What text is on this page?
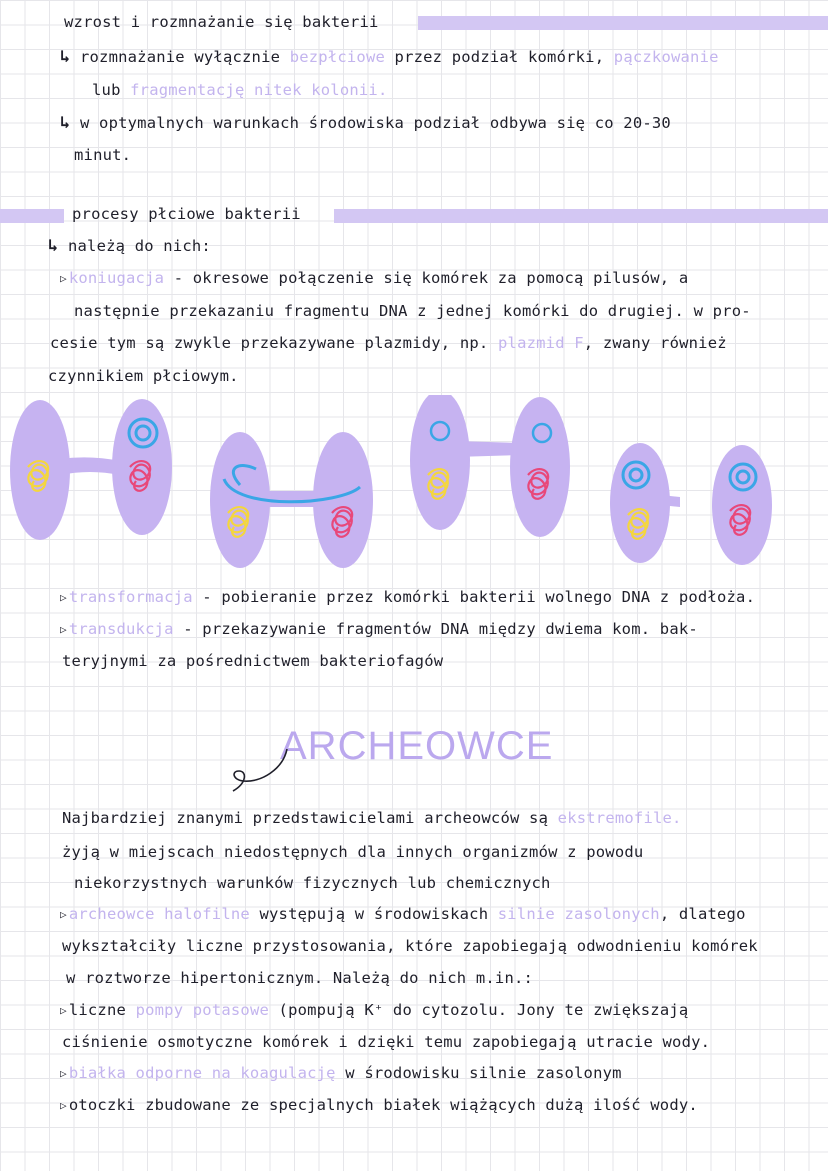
wzrost i rozmnażanie się bakterii
↳ rozmnażanie wyłącznie bezpłciowe przez podział komórki, pączkowanie
lub fragmentację nitek kolonii.
↳ w optymalnych warunkach środowiska podział odbywa się co 20-30
minut.
procesy płciowe bakterii
↳ należą do nich:
▷ koniugacja - okresowe połączenie się komórek za pomocą pilusów, a
następnie przekazaniu fragmentu DNA z jednej komórki do drugiej. w pro-
cesie tym są zwykle przekazywane plazmidy, np. plazmid F, zwany również
czynnikiem płciowym.
▷ transformacja - pobieranie przez komórki bakterii wolnego DNA z podłoża.
▷ transdukcja - przekazywanie fragmentów DNA między dwiema kom. bak-
teryjnymi za pośrednictwem bakteriofagów
ARCHEOWCE
Najbardziej znanymi przedstawicielami archeowców są ekstremofile.
żyją w miejscach niedostępnych dla innych organizmów z powodu
niekorzystnych warunków fizycznych lub chemicznych
▷ archeowce halofilne występują w środowiskach silnie zasolonych, dlatego
wykształciły liczne przystosowania, które zapobiegają odwodnieniu komórek
w roztworze hipertonicznym. Należą do nich m.in.:
▷ liczne pompy potasowe (pompują K⁺ do cytozolu. Jony te zwiększają
ciśnienie osmotyczne komórek i dzięki temu zapobiegają utracie wody.
▷ białka odporne na koagulację w środowisku silnie zasolonym
▷ otoczki zbudowane ze specjalnych białek wiążących dużą ilość wody.
